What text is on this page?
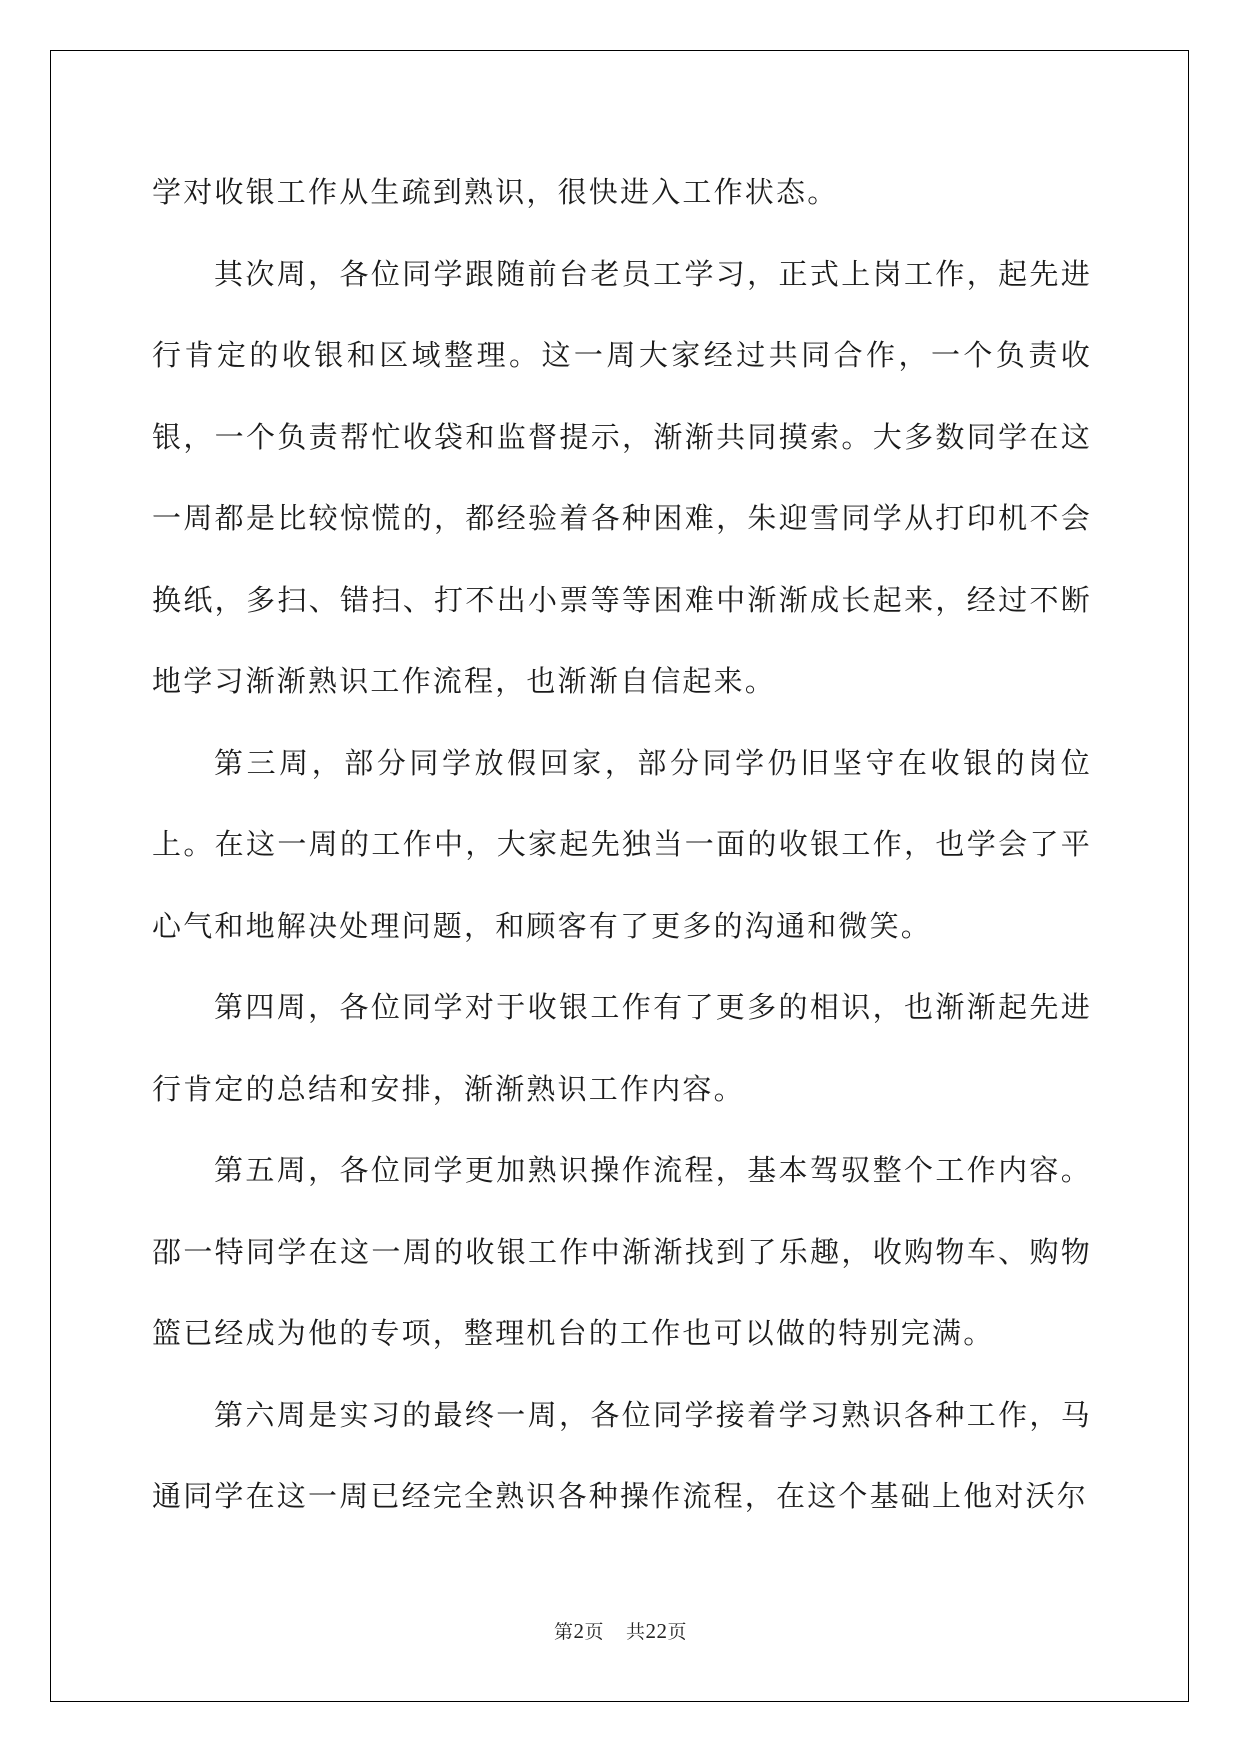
学对收银工作从生疏到熟识，很快进入工作状态。

其次周，各位同学跟随前台老员工学习，正式上岗工作，起先进行肯定的收银和区域整理。这一周大家经过共同合作，一个负责收银，一个负责帮忙收袋和监督提示，渐渐共同摸索。大多数同学在这一周都是比较惊慌的，都经验着各种困难，朱迎雪同学从打印机不会换纸，多扫、错扫、打不出小票等等困难中渐渐成长起来，经过不断地学习渐渐熟识工作流程，也渐渐自信起来。

第三周，部分同学放假回家，部分同学仍旧坚守在收银的岗位上。在这一周的工作中，大家起先独当一面的收银工作，也学会了平心气和地解决处理问题，和顾客有了更多的沟通和微笑。

第四周，各位同学对于收银工作有了更多的相识，也渐渐起先进行肯定的总结和安排，渐渐熟识工作内容。

第五周，各位同学更加熟识操作流程，基本驾驭整个工作内容。邵一特同学在这一周的收银工作中渐渐找到了乐趣，收购物车、购物篮已经成为他的专项，整理机台的工作也可以做的特别完满。

第六周是实习的最终一周，各位同学接着学习熟识各种工作，马通同学在这一周已经完全熟识各种操作流程，在这个基础上他对沃尔

第2页 共22页
